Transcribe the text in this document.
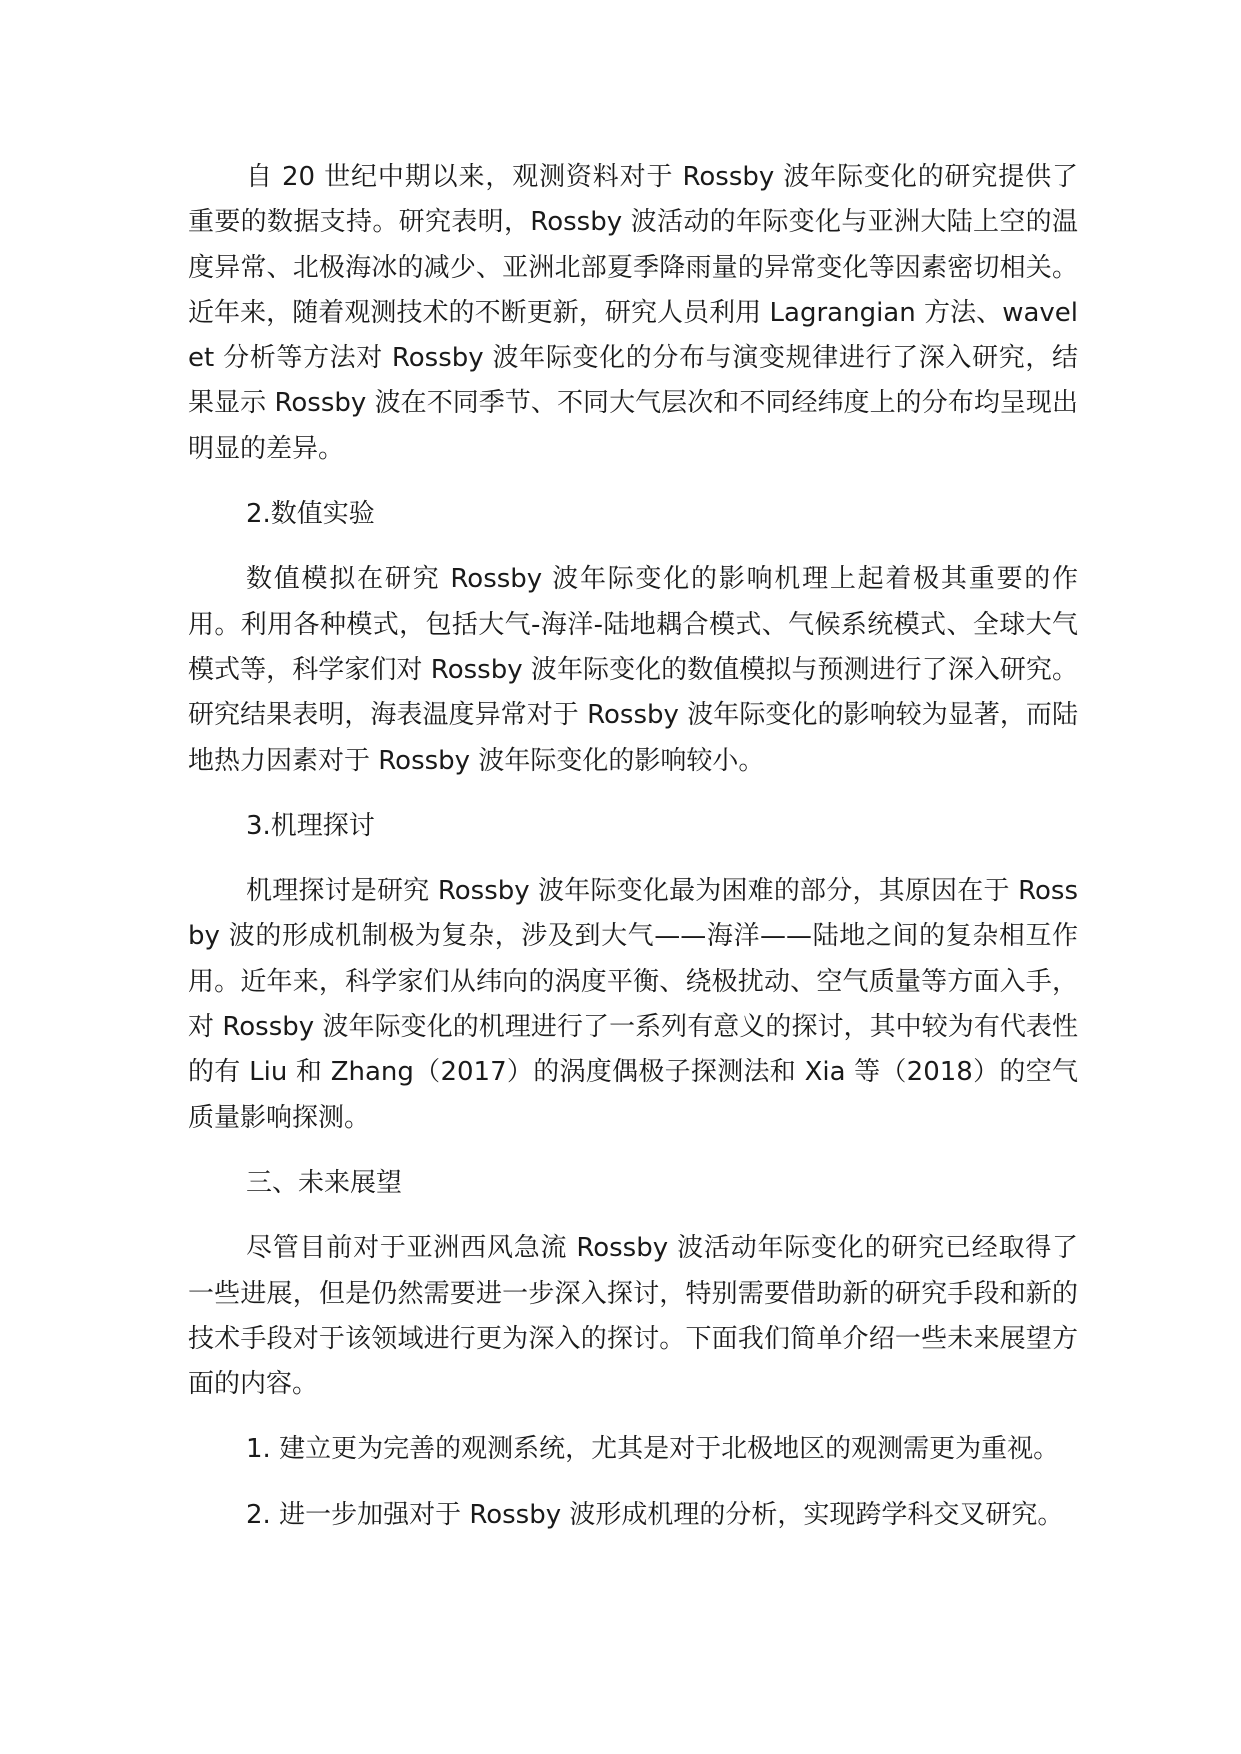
自 20 世纪中期以来，观测资料对于 Rossby 波年际变化的研究提供了重要的数据支持。研究表明，Rossby 波活动的年际变化与亚洲大陆上空的温度异常、北极海冰的减少、亚洲北部夏季降雨量的异常变化等因素密切相关。近年来，随着观测技术的不断更新，研究人员利用 Lagrangian 方法、wavelet 分析等方法对 Rossby 波年际变化的分布与演变规律进行了深入研究，结果显示 Rossby 波在不同季节、不同大气层次和不同经纬度上的分布均呈现出明显的差异。

2.数值实验

数值模拟在研究 Rossby 波年际变化的影响机理上起着极其重要的作用。利用各种模式，包括大气-海洋-陆地耦合模式、气候系统模式、全球大气模式等，科学家们对 Rossby 波年际变化的数值模拟与预测进行了深入研究。研究结果表明，海表温度异常对于 Rossby 波年际变化的影响较为显著，而陆地热力因素对于 Rossby 波年际变化的影响较小。

3.机理探讨

机理探讨是研究 Rossby 波年际变化最为困难的部分，其原因在于 Rossby 波的形成机制极为复杂，涉及到大气——海洋——陆地之间的复杂相互作用。近年来，科学家们从纬向的涡度平衡、绕极扰动、空气质量等方面入手，对 Rossby 波年际变化的机理进行了一系列有意义的探讨，其中较为有代表性的有 Liu 和 Zhang（2017）的涡度偶极子探测法和 Xia 等（2018）的空气质量影响探测。

三、未来展望

尽管目前对于亚洲西风急流 Rossby 波活动年际变化的研究已经取得了一些进展，但是仍然需要进一步深入探讨，特别需要借助新的研究手段和新的技术手段对于该领域进行更为深入的探讨。下面我们简单介绍一些未来展望方面的内容。

1. 建立更为完善的观测系统，尤其是对于北极地区的观测需更为重视。

2. 进一步加强对于 Rossby 波形成机理的分析，实现跨学科交叉研究。
